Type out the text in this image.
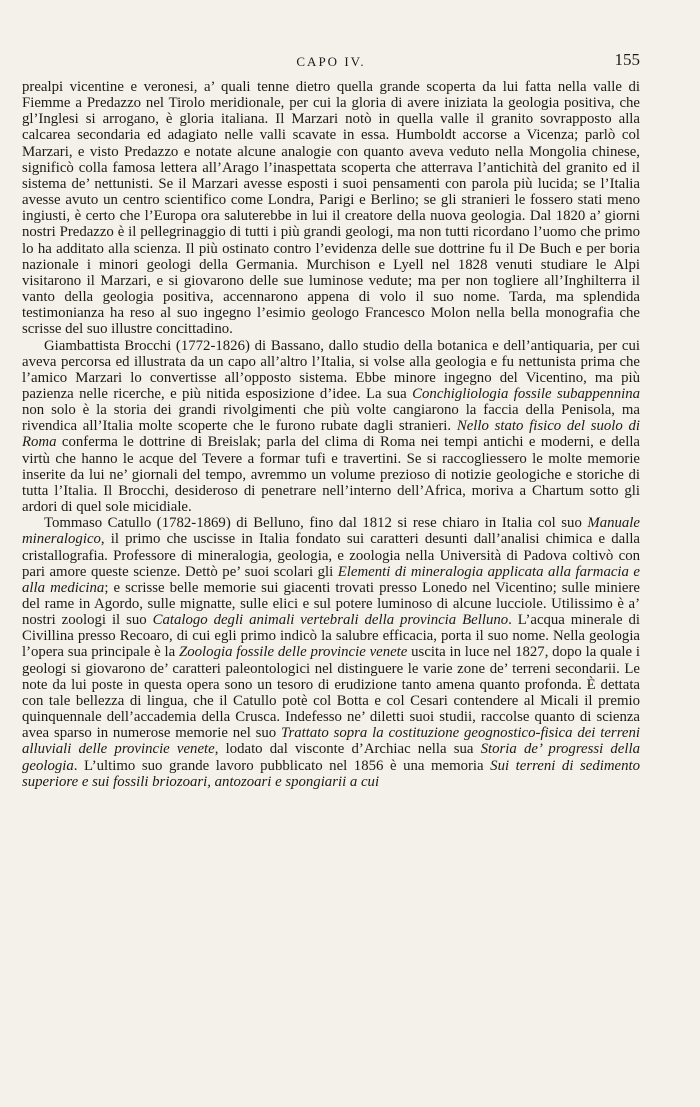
CAPO IV.	155

prealpi vicentine e veronesi, a’ quali tenne dietro quella grande scoperta da lui fatta nella valle di Fiemme a Predazzo nel Tirolo meridionale, per cui la gloria di avere iniziata la geologia positiva, che gl’Inglesi si arrogano, è gloria italiana. Il Marzari notò in quella valle il granito sovrapposto alla calcarea secondaria ed adagiato nelle valli scavate in essa. Humboldt accorse a Vicenza; parlò col Marzari, e visto Predazzo e notate alcune analogie con quanto aveva veduto nella Mongolia chinese, significò colla famosa lettera all’Arago l’inaspettata scoperta che atterrava l’antichità del granito ed il sistema de’ nettunisti. Se il Marzari avesse esposti i suoi pensamenti con parola più lucida; se l’Italia avesse avuto un centro scientifico come Londra, Parigi e Berlino; se gli stranieri le fossero stati meno ingiusti, è certo che l’Europa ora saluterebbe in lui il creatore della nuova geologia. Dal 1820 a’ giorni nostri Predazzo è il pellegrinaggio di tutti i più grandi geologi, ma non tutti ricordano l’uomo che primo lo ha additato alla scienza. Il più ostinato contro l’evidenza delle sue dottrine fu il De Buch e per boria nazionale i minori geologi della Germania. Murchison e Lyell nel 1828 venuti studiare le Alpi visitarono il Marzari, e si giovarono delle sue luminose vedute; ma per non togliere all’Inghilterra il vanto della geologia positiva, accennarono appena di volo il suo nome. Tarda, ma splendida testimonianza ha reso al suo ingegno l’esimio geologo Francesco Molon nella bella monografia che scrisse del suo illustre concittadino.

Giambattista Brocchi (1772-1826) di Bassano, dallo studio della botanica e dell’antiquaria, per cui aveva percorsa ed illustrata da un capo all’altro l’Italia, si volse alla geologia e fu nettunista prima che l’amico Marzari lo convertisse all’opposto sistema. Ebbe minore ingegno del Vicentino, ma più pazienza nelle ricerche, e più nitida esposizione d’idee. La sua Conchigliologia fossile subappennina non solo è la storia dei grandi rivolgimenti che più volte cangiarono la faccia della Penisola, ma rivendica all’Italia molte scoperte che le furono rubate dagli stranieri. Nello stato fisico del suolo di Roma conferma le dottrine di Breislak; parla del clima di Roma nei tempi antichi e moderni, e della virtù che hanno le acque del Tevere a formar tufi e travertini. Se si raccogliessero le molte memorie inserite da lui ne’ giornali del tempo, avremmo un volume prezioso di notizie geologiche e storiche di tutta l’Italia. Il Brocchi, desideroso di penetrare nell’interno dell’Africa, moriva a Chartum sotto gli ardori di quel sole micidiale.

Tommaso Catullo (1782-1869) di Belluno, fino dal 1812 si rese chiaro in Italia col suo Manuale mineralogico, il primo che uscisse in Italia fondato sui caratteri desunti dall’analisi chimica e dalla cristallografia. Professore di mineralogia, geologia, e zoologia nella Università di Padova coltivò con pari amore queste scienze. Dettò pe’ suoi scolari gli Elementi di mineralogia applicata alla farmacia e alla medicina; e scrisse belle memorie sui giacenti trovati presso Lonedo nel Vicentino; sulle miniere del rame in Agordo, sulle mignatte, sulle elici e sul potere luminoso di alcune lucciole. Utilissimo è a’ nostri zoologi il suo Catalogo degli animali vertebrali della provincia Belluno. L’acqua minerale di Civillina presso Recoaro, di cui egli primo indicò la salubre efficacia, porta il suo nome. Nella geologia l’opera sua principale è la Zoologia fossile delle provincie venete uscita in luce nel 1827, dopo la quale i geologi si giovarono de’ caratteri paleontologici nel distinguere le varie zone de’ terreni secondarii. Le note da lui poste in questa opera sono un tesoro di erudizione tanto amena quanto profonda. È dettata con tale bellezza di lingua, che il Catullo potè col Botta e col Cesari contendere al Micali il premio quinquennale dell’accademia della Crusca. Indefesso ne’ diletti suoi studii, raccolse quanto di scienza avea sparso in numerose memorie nel suo Trattato sopra la costituzione geognostico-fisica dei terreni alluviali delle provincie venete, lodato dal visconte d’Archiac nella sua Storia de’ progressi della geologia. L’ultimo suo grande lavoro pubblicato nel 1856 è una memoria Sui terreni di sedimento superiore e sui fossili briozoari, antozoari e spongiarii a cui
